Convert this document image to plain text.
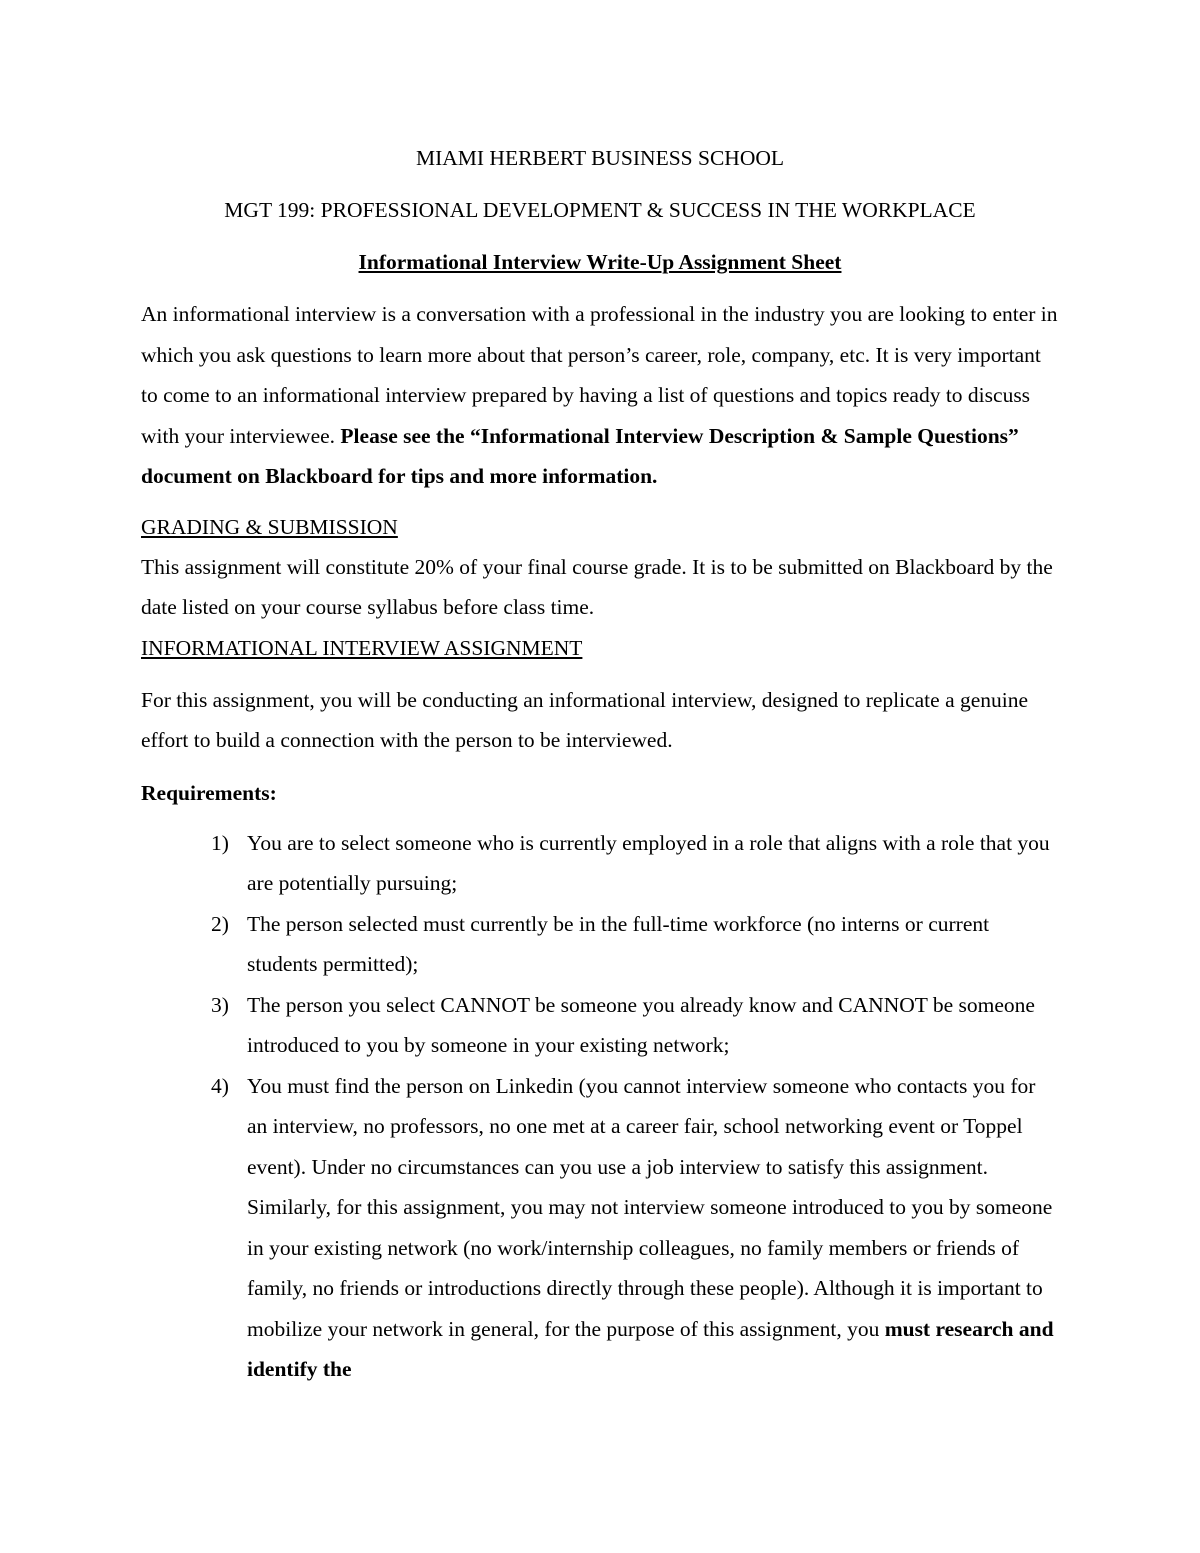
MIAMI HERBERT BUSINESS SCHOOL

MGT 199: PROFESSIONAL DEVELOPMENT & SUCCESS IN THE WORKPLACE

Informational Interview Write-Up Assignment Sheet

An informational interview is a conversation with a professional in the industry you are looking to enter in which you ask questions to learn more about that person’s career, role, company, etc. It is very important to come to an informational interview prepared by having a list of questions and topics ready to discuss with your interviewee. Please see the “Informational Interview Description & Sample Questions” document on Blackboard for tips and more information.

GRADING & SUBMISSION

This assignment will constitute 20% of your final course grade. It is to be submitted on Blackboard by the date listed on your course syllabus before class time.

INFORMATIONAL INTERVIEW ASSIGNMENT

For this assignment, you will be conducting an informational interview, designed to replicate a genuine effort to build a connection with the person to be interviewed.

Requirements:

1) You are to select someone who is currently employed in a role that aligns with a role that you are potentially pursuing;
2) The person selected must currently be in the full-time workforce (no interns or current students permitted);
3) The person you select CANNOT be someone you already know and CANNOT be someone introduced to you by someone in your existing network;
4) You must find the person on Linkedin (you cannot interview someone who contacts you for an interview, no professors, no one met at a career fair, school networking event or Toppel event). Under no circumstances can you use a job interview to satisfy this assignment. Similarly, for this assignment, you may not interview someone introduced to you by someone in your existing network (no work/internship colleagues, no family members or friends of family, no friends or introductions directly through these people). Although it is important to mobilize your network in general, for the purpose of this assignment, you must research and identify the
